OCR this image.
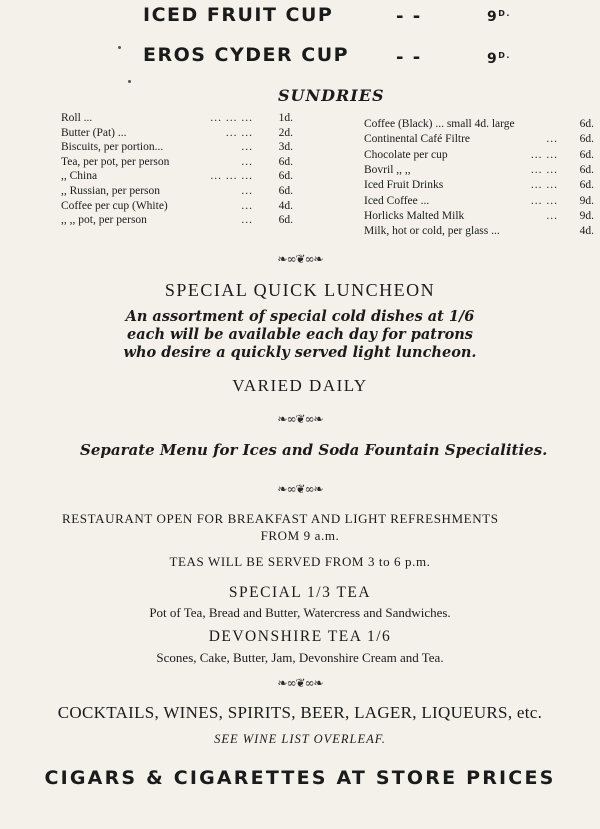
ICED FRUIT CUP	- -	$9^{D.}$
EROS CYDER CUP	- -	$9^{D.}$
SUNDRIES
Roll ...	... ... ... 1d.
Butter (Pat) ...	... ... 2d.
Biscuits, per portion...	... 3d.
Tea, per pot, per person	... 6d.
,, China	... ... ... 6d.
,, Russian, per person	... 6d.
Coffee per cup (White)	... 4d.
,, ,, pot, per person	... 6d.
Coffee (Black) ... small 4d. large	6d.
Continental Café Filtre	... 6d.
Chocolate per cup	... ... 6d.
Bovril ,, ,,	... ... 6d.
Iced Fruit Drinks	... ... 6d.
Iced Coffee ...	... ... 9d.
Horlicks Malted Milk	... 9d.
Milk, hot or cold, per glass ...	4d.
❧∞❦∞❧
SPECIAL QUICK LUNCHEON
An assortment of special cold dishes at 1/6
each will be available each day for patrons
who desire a quickly served light luncheon.
VARIED DAILY
❧∞❦∞❧
Separate Menu for Ices and Soda Fountain Specialities.
❧∞❦∞❧
RESTAURANT OPEN FOR BREAKFAST AND LIGHT REFRESHMENTS
FROM 9 a.m.
TEAS WILL BE SERVED FROM 3 to 6 p.m.
SPECIAL 1/3 TEA
Pot of Tea, Bread and Butter, Watercress and Sandwiches.
DEVONSHIRE TEA 1/6
Scones, Cake, Butter, Jam, Devonshire Cream and Tea.
❧∞❦∞❧
COCKTAILS, WINES, SPIRITS, BEER, LAGER, LIQUEURS, etc.
SEE WINE LIST OVERLEAF.
CIGARS & CIGARETTES AT STORE PRICES
